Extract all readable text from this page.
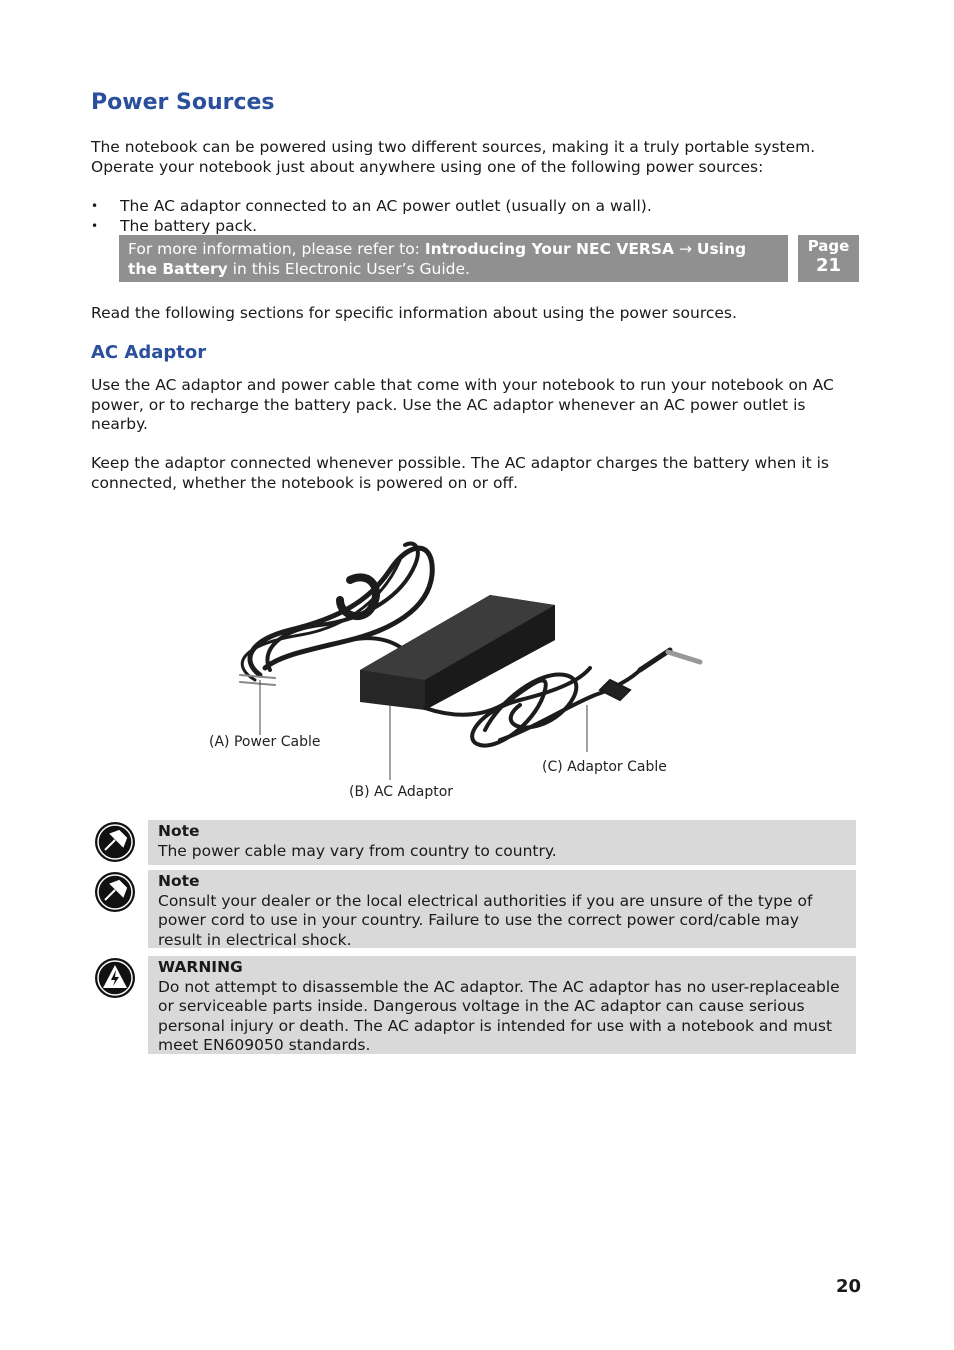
Power Sources
The notebook can be powered using two different sources, making it a truly portable system. Operate your notebook just about anywhere using one of the following power sources:
• The AC adaptor connected to an AC power outlet (usually on a wall).
• The battery pack.
For more information, please refer to: Introducing Your NEC VERSA → Using the Battery in this Electronic User’s Guide.
Page
21
Read the following sections for specific information about using the power sources.
AC Adaptor
Use the AC adaptor and power cable that come with your notebook to run your notebook on AC power, or to recharge the battery pack. Use the AC adaptor whenever an AC power outlet is nearby.
Keep the adaptor connected whenever possible. The AC adaptor charges the battery when it is connected, whether the notebook is powered on or off.
(A) Power Cable
(B) AC Adaptor
(C) Adaptor Cable
Note
The power cable may vary from country to country.
Note
Consult your dealer or the local electrical authorities if you are unsure of the type of power cord to use in your country. Failure to use the correct power cord/cable may result in electrical shock.
WARNING
Do not attempt to disassemble the AC adaptor. The AC adaptor has no user-replaceable or serviceable parts inside. Dangerous voltage in the AC adaptor can cause serious personal injury or death. The AC adaptor is intended for use with a notebook and must meet EN609050 standards.
20
